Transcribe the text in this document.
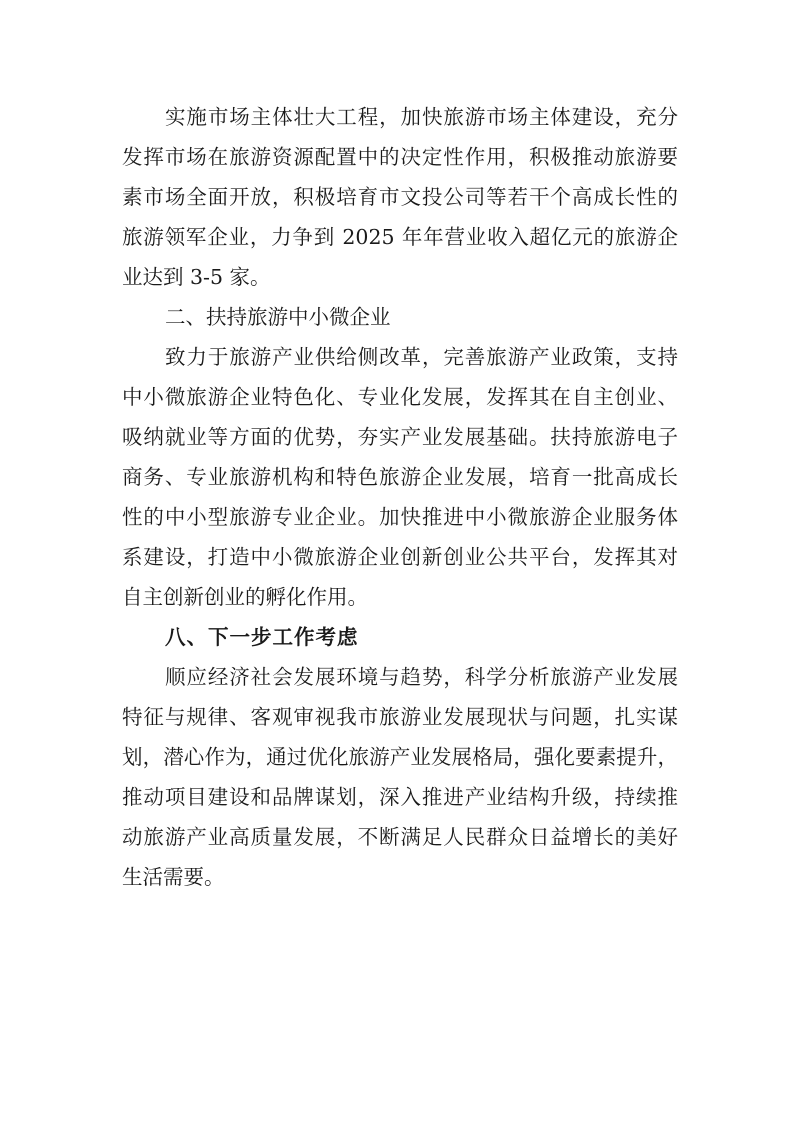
实施市场主体壮大工程，加快旅游市场主体建设，充分
发挥市场在旅游资源配置中的决定性作用，积极推动旅游要
素市场全面开放，积极培育市文投公司等若干个高成长性的
旅游领军企业，力争到 2025 年年营业收入超亿元的旅游企
业达到 3-5 家。
二、扶持旅游中小微企业
致力于旅游产业供给侧改革，完善旅游产业政策，支持
中小微旅游企业特色化、专业化发展，发挥其在自主创业、
吸纳就业等方面的优势，夯实产业发展基础。扶持旅游电子
商务、专业旅游机构和特色旅游企业发展，培育一批高成长
性的中小型旅游专业企业。加快推进中小微旅游企业服务体
系建设，打造中小微旅游企业创新创业公共平台，发挥其对
自主创新创业的孵化作用。
八、下一步工作考虑
顺应经济社会发展环境与趋势，科学分析旅游产业发展
特征与规律、客观审视我市旅游业发展现状与问题，扎实谋
划，潜心作为，通过优化旅游产业发展格局，强化要素提升，
推动项目建设和品牌谋划，深入推进产业结构升级，持续推
动旅游产业高质量发展，不断满足人民群众日益增长的美好
生活需要。
